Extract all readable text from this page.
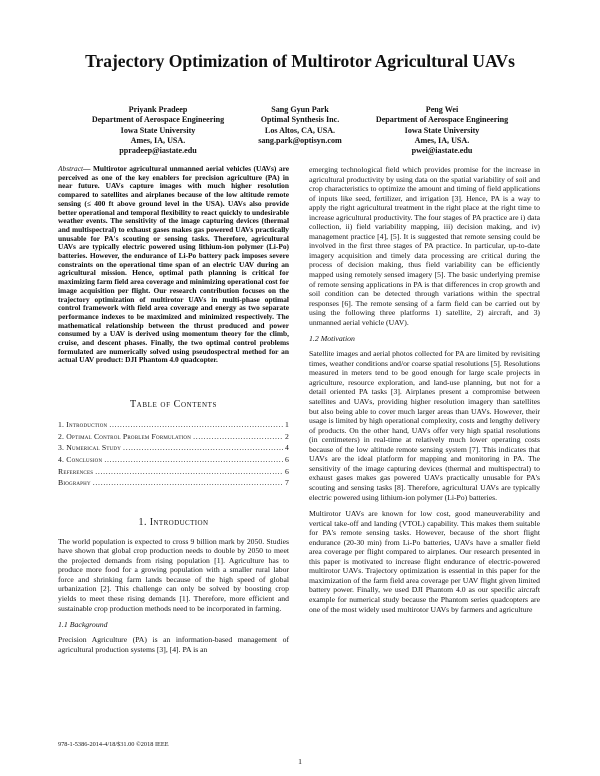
Trajectory Optimization of Multirotor Agricultural UAVs
Priyank Pradeep
Department of Aerospace Engineering
Iowa State University
Ames, IA, USA.
ppradeep@iastate.edu
Sang Gyun Park
Optimal Synthesis Inc.
Los Altos, CA, USA.
sang.park@optisyn.com
Peng Wei
Department of Aerospace Engineering
Iowa State University
Ames, IA, USA.
pwei@iastate.edu

Abstract— Multirotor agricultural unmanned aerial vehicles (UAVs) are perceived as one of the key enablers for precision agriculture (PA) in near future. UAVs capture images with much higher resolution compared to satellites and airplanes because of the low altitude remote sensing (≤ 400 ft above ground level in the USA). UAVs also provide better operational and temporal flexibility to react quickly to undesirable weather events. The sensitivity of the image capturing devices (thermal and multispectral) to exhaust gases makes gas powered UAVs practically unusable for PA's scouting or sensing tasks. Therefore, agricultural UAVs are typically electric powered using lithium-ion polymer (Li-Po) batteries. However, the endurance of Li-Po battery pack imposes severe constraints on the operational time span of an electric UAV during an agricultural mission. Hence, optimal path planning is critical for maximizing farm field area coverage and minimizing operational cost for image acquisition per flight. Our research contribution focuses on the trajectory optimization of multirotor UAVs in multi-phase optimal control framework with field area coverage and energy as two separate performance indexes to be maximized and minimized respectively. The mathematical relationship between the thrust produced and power consumed by a UAV is derived using momentum theory for the climb, cruise, and descent phases. Finally, the two optimal control problems formulated are numerically solved using pseudospectral method for an actual UAV product: DJI Phantom 4.0 quadcopter.

Table of Contents
1. Introduction . . .	1
2. Optimal Control Problem Formulation . . .	2
3. Numerical Study . . .	4
4. Conclusion . . .	6
References . . .	6
Biography . . .	7
1. Introduction

The world population is expected to cross 9 billion mark by 2050. Studies have shown that global crop production needs to double by 2050 to meet the projected demands from rising population [1]. Agriculture has to produce more food for a growing population with a smaller rural labor force and shrinking farm lands because of the high speed of global urbanization [2]. This challenge can only be solved by boosting crop yields to meet these rising demands [1]. Therefore, more efficient and sustainable crop production methods need to be incorporated in farming.

1.1 Background

Precision Agriculture (PA) is an information-based management of agricultural production systems [3], [4]. PA is an

emerging technological field which provides promise for the increase in agricultural productivity by using data on the spatial variability of soil and crop characteristics to optimize the amount and timing of field applications of inputs like seed, fertilizer, and irrigation [3]. Hence, PA is a way to apply the right agricultural treatment in the right place at the right time to increase agricultural productivity. The four stages of PA practice are i) data collection, ii) field variability mapping, iii) decision making, and iv) management practice [4], [5]. It is suggested that remote sensing could be involved in the first three stages of PA practice. In particular, up-to-date imagery acquisition and timely data processing are critical during the process of decision making, thus field variability can be efficiently mapped using remotely sensed imagery [5]. The basic underlying premise of remote sensing applications in PA is that differences in crop growth and soil condition can be detected through variations within the spectral responses [6]. The remote sensing of a farm field can be carried out by using the following three platforms 1) satellite, 2) aircraft, and 3) unmanned aerial vehicle (UAV).

1.2 Motivation

Satellite images and aerial photos collected for PA are limited by revisiting times, weather conditions and/or coarse spatial resolutions [5]. Resolutions measured in meters tend to be good enough for large scale projects in agriculture, resource exploration, and land-use planning, but not for a detail oriented PA tasks [3]. Airplanes present a compromise between satellites and UAVs, providing higher resolution imagery than satellites but also being able to cover much larger areas than UAVs. However, their usage is limited by high operational complexity, costs and lengthy delivery of products. On the other hand, UAVs offer very high spatial resolutions (in centimeters) in real-time at relatively much lower operating costs because of the low altitude remote sensing system [7]. This indicates that UAVs are the ideal platform for mapping and monitoring in PA. The sensitivity of the image capturing devices (thermal and multispectral) to exhaust gases makes gas powered UAVs practically unusable for PA's scouting and sensing tasks [8]. Therefore, agricultural UAVs are typically electric powered using lithium-ion polymer (Li-Po) batteries.

Multirotor UAVs are known for low cost, good maneuverability and vertical take-off and landing (VTOL) capability. This makes them suitable for PA's remote sensing tasks. However, because of the short flight endurance (20-30 min) from Li-Po batteries, UAVs have a smaller field area coverage per flight compared to airplanes. Our research presented in this paper is motivated to increase flight endurance of electric-powered multirotor UAVs. Trajectory optimization is essential in this paper for the maximization of the farm field area coverage per UAV flight given limited battery power. Finally, we used DJI Phantom 4.0 as our specific aircraft example for numerical study because the Phantom series quadcopters are one of the most widely used multirotor UAVs by farmers and agriculture

978-1-5386-2014-4/18/$31.00 ©2018 IEEE
1
